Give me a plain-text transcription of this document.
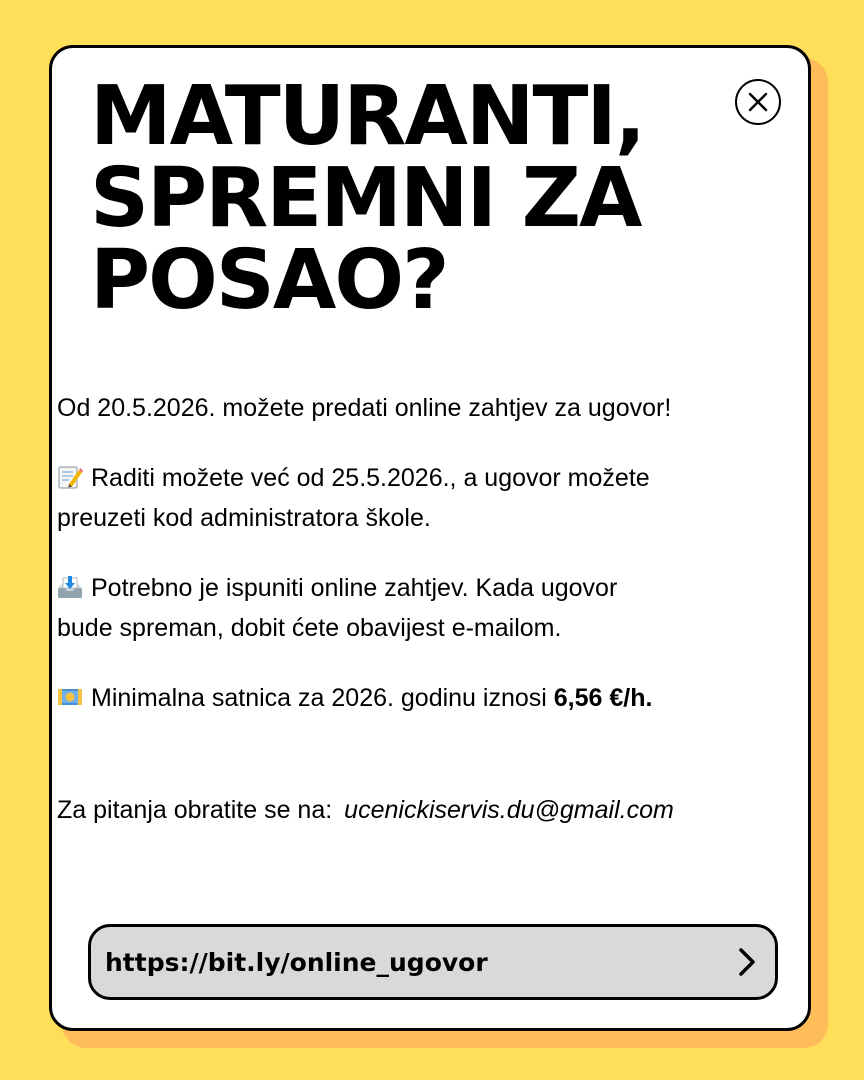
MATURANTI,
SPREMNI ZA
POSAO?
Od 20.5.2026. možete predati online zahtjev za ugovor!
Raditi možete već od 25.5.2026., a ugovor možete
preuzeti kod administratora škole.
Potrebno je ispuniti online zahtjev. Kada ugovor
bude spreman, dobit ćete obavijest e-mailom.
Minimalna satnica za 2026. godinu iznosi 6,56 €/h.
Za pitanja obratite se na: ucenickiservis.du@gmail.com
https://bit.ly/online_ugovor
